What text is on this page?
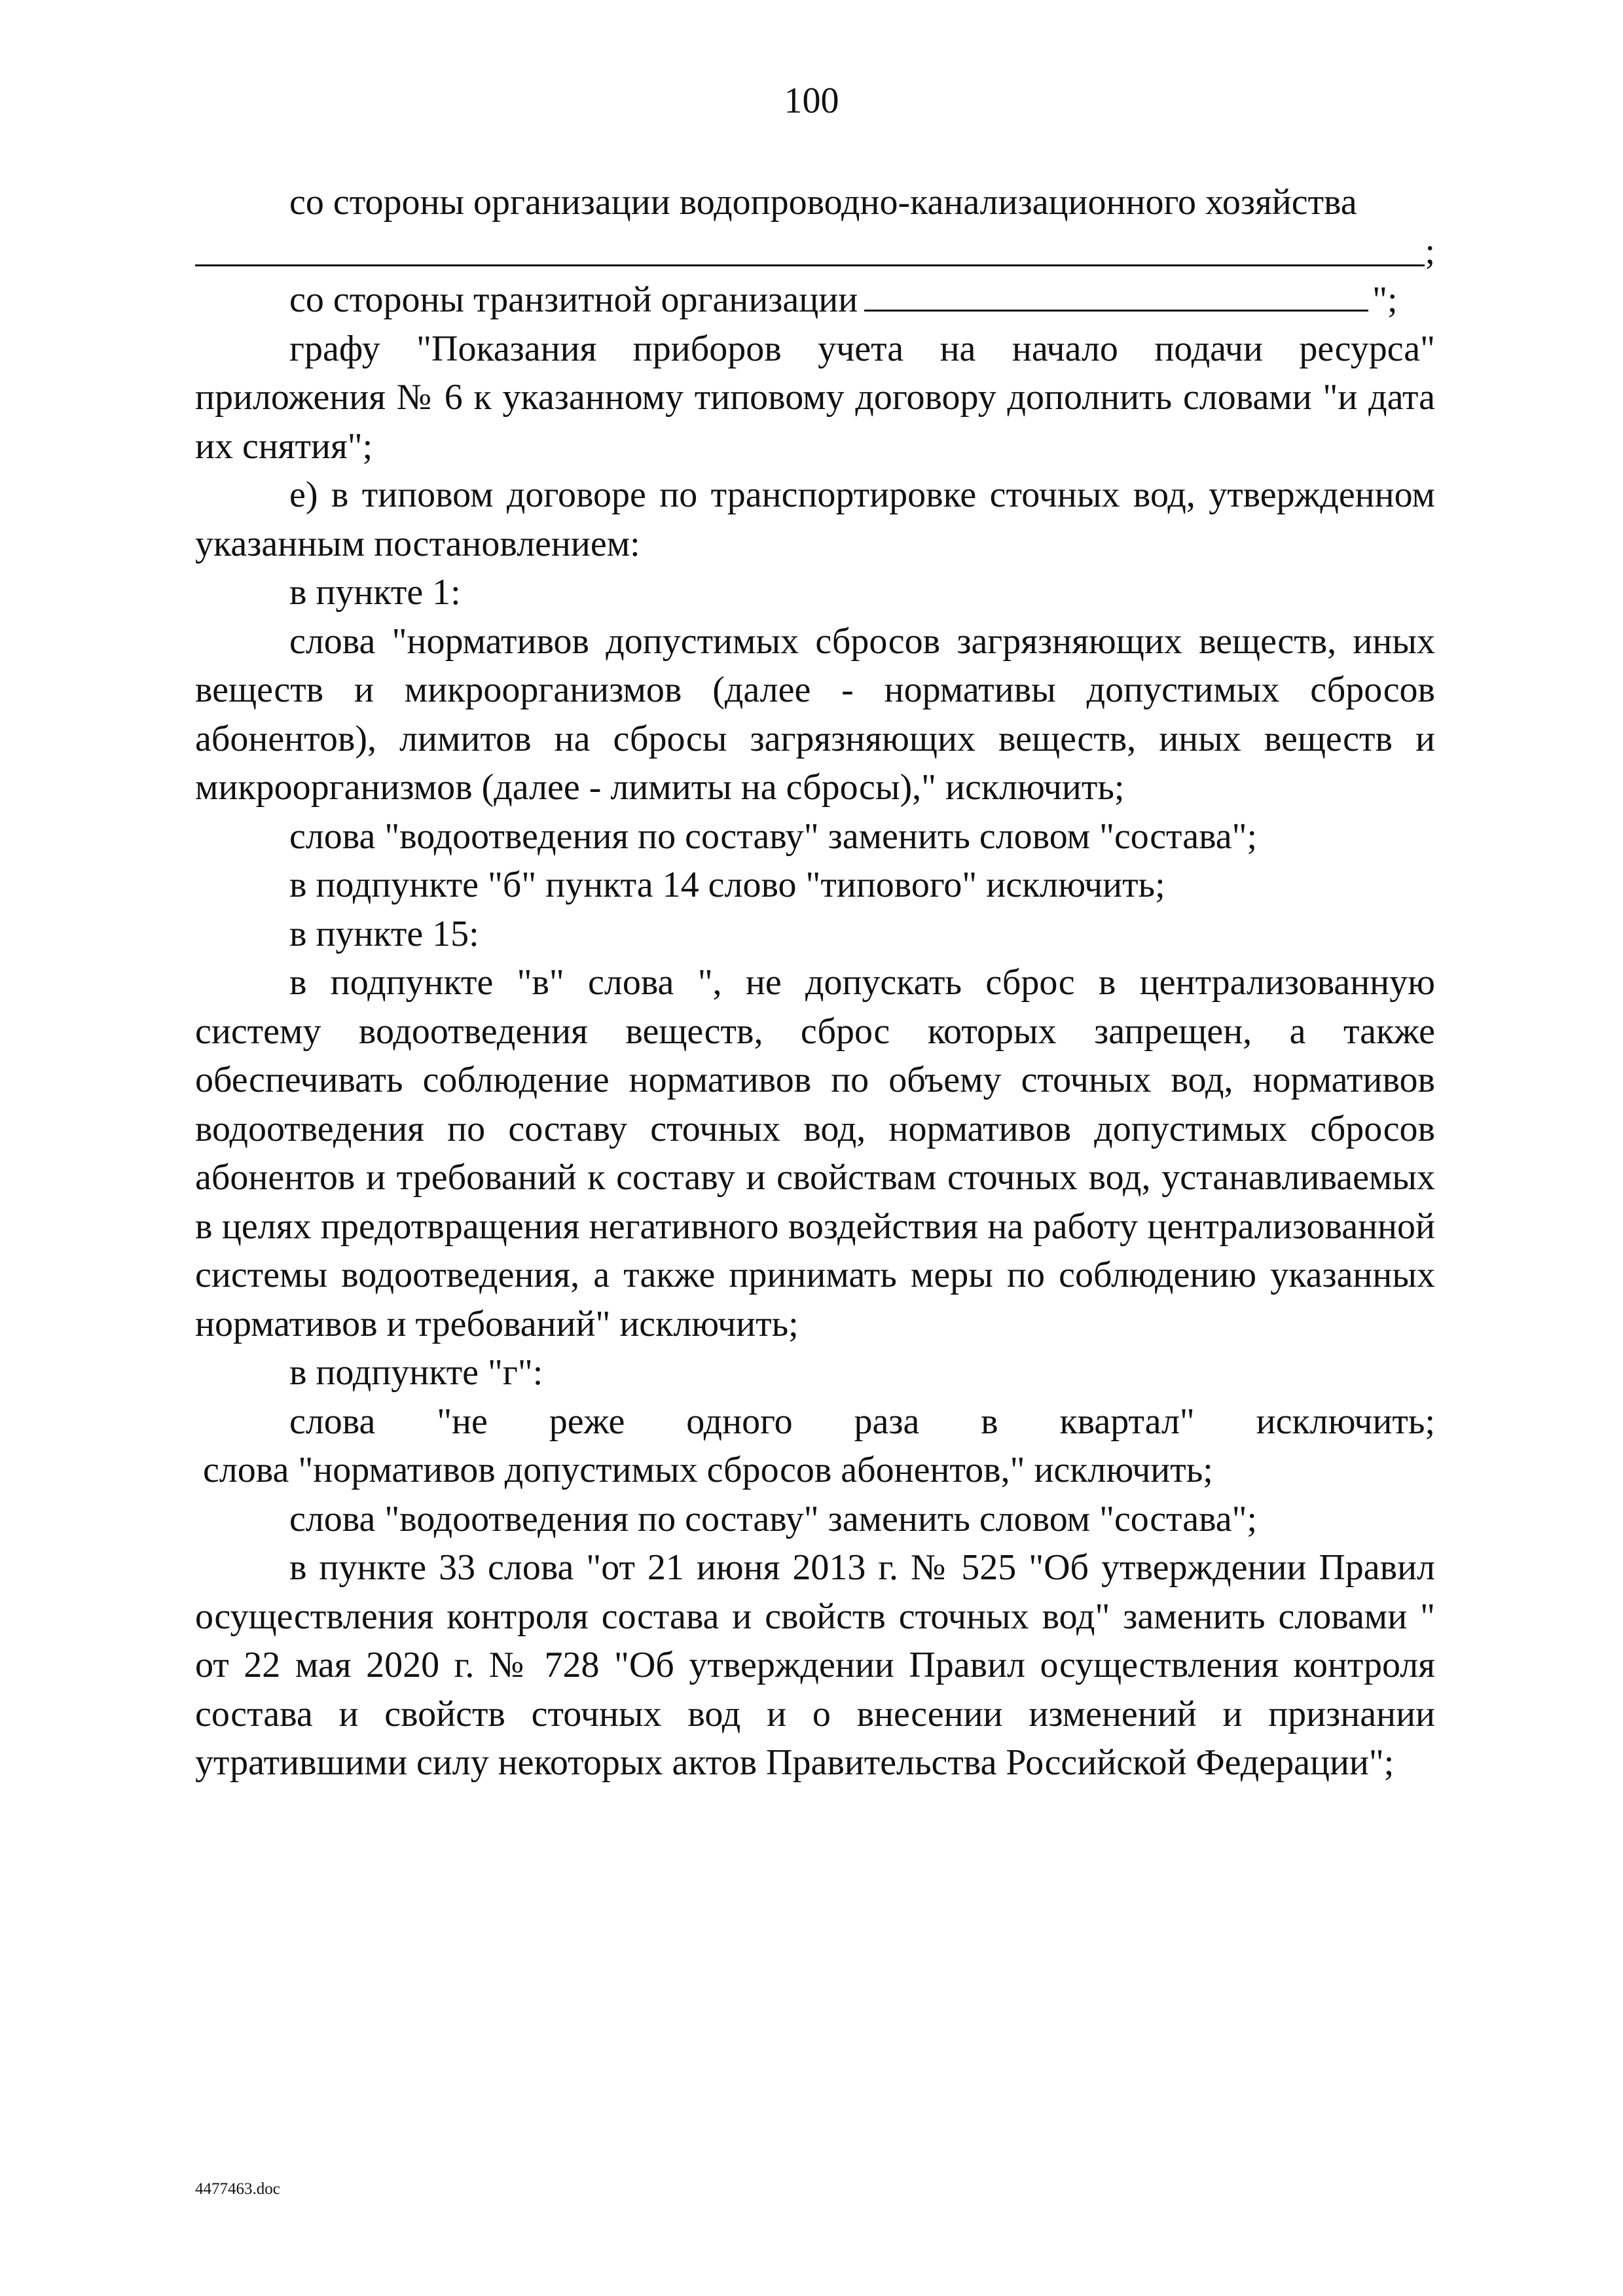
100

со стороны организации водопроводно-канализационного хозяйства

;

со стороны транзитной организации	";

графу "Показания приборов учета на начало подачи ресурса" приложения № 6 к указанному типовому договору дополнить словами "и дата их снятия";

е) в типовом договоре по транспортировке сточных вод, утвержденном указанным постановлением:

в пункте 1:

слова "нормативов допустимых сбросов загрязняющих веществ, иных веществ и микроорганизмов (далее - нормативы допустимых сбросов абонентов), лимитов на сбросы загрязняющих веществ, иных веществ и микроорганизмов (далее - лимиты на сбросы)," исключить;

слова "водоотведения по составу" заменить словом "состава";

в подпункте "б" пункта 14 слово "типового" исключить;

в пункте 15:

в подпункте "в" слова ", не допускать сброс в централизованную систему водоотведения веществ, сброс которых запрещен, а также обеспечивать соблюдение нормативов по объему сточных вод, нормативов водоотведения по составу сточных вод, нормативов допустимых сбросов абонентов и требований к составу и свойствам сточных вод, устанавливаемых в целях предотвращения негативного воздействия на работу централизованной системы водоотведения, а также принимать меры по соблюдению указанных нормативов и требований" исключить;

в подпункте "г":

слова "не реже одного раза в квартал" исключить;

слова "нормативов допустимых сбросов абонентов," исключить;

слова "водоотведения по составу" заменить словом "состава";

в пункте 33 слова "от 21 июня 2013 г. № 525 "Об утверждении Правил осуществления контроля состава и свойств сточных вод" заменить словами " от 22 мая 2020 г. № 728 "Об утверждении Правил осуществления контроля состава и свойств сточных вод и о внесении изменений и признании утратившими силу некоторых актов Правительства Российской Федерации";

4477463.doc
